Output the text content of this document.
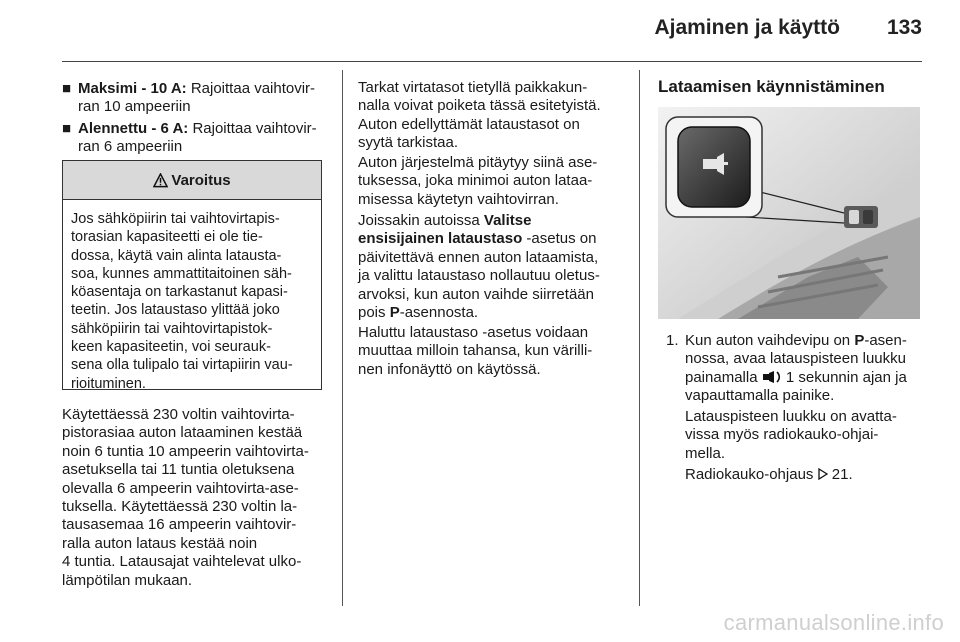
Ajaminen ja käyttö 133
■ Maksimi - 10 A: Rajoittaa vaihtovir-
ran 10 ampeeriin
■ Alennettu - 6 A: Rajoittaa vaihtovir-
ran 6 ampeeriin
Varoitus
Jos sähköpiirin tai vaihtovirtapis-
torasian kapasiteetti ei ole tie-
dossa, käytä vain alinta latausta-
soa, kunnes ammattitaitoinen säh-
köasentaja on tarkastanut kapasi-
teetin. Jos lataustaso ylittää joko
sähköpiirin tai vaihtovirtapistok-
keen kapasiteetin, voi seurauk-
sena olla tulipalo tai virtapiirin vau-
rioituminen.
Käytettäessä 230 voltin vaihtovirta-
pistorasiaa auton lataaminen kestää
noin 6 tuntia 10 ampeerin vaihtovirta-
asetuksella tai 11 tuntia oletuksena
olevalla 6 ampeerin vaihtovirta-ase-
tuksella. Käytettäessä 230 voltin la-
tausasemaa 16 ampeerin vaihtovir-
ralla auton lataus kestää noin
4 tuntia. Latausajat vaihtelevat ulko-
lämpötilan mukaan.
Tarkat virtatasot tietyllä paikkakun-
nalla voivat poiketa tässä esitetyistä.
Auton edellyttämät lataustasot on
syytä tarkistaa.
Auton järjestelmä pitäytyy siinä ase-
tuksessa, joka minimoi auton lataa-
misessa käytetyn vaihtovirran.
Joissakin autoissa Valitse
ensisijainen lataustaso -asetus on
päivitettävä ennen auton lataamista,
ja valittu lataustaso nollautuu oletus-
arvoksi, kun auton vaihde siirretään
pois P-asennosta.
Haluttu lataustaso -asetus voidaan
muuttaa milloin tahansa, kun värilli-
nen infonäyttö on käytössä.
Lataamisen käynnistäminen
1. Kun auton vaihdevipu on P-asen-
nossa, avaa latauspisteen luukku
painamalla  1 sekunnin ajan ja
vapauttamalla painike.
Latauspisteen luukku on avatta-
vissa myös radiokauko-ohjai-
mella.
Radiokauko-ohjaus 21.
carmanualsonline.info
